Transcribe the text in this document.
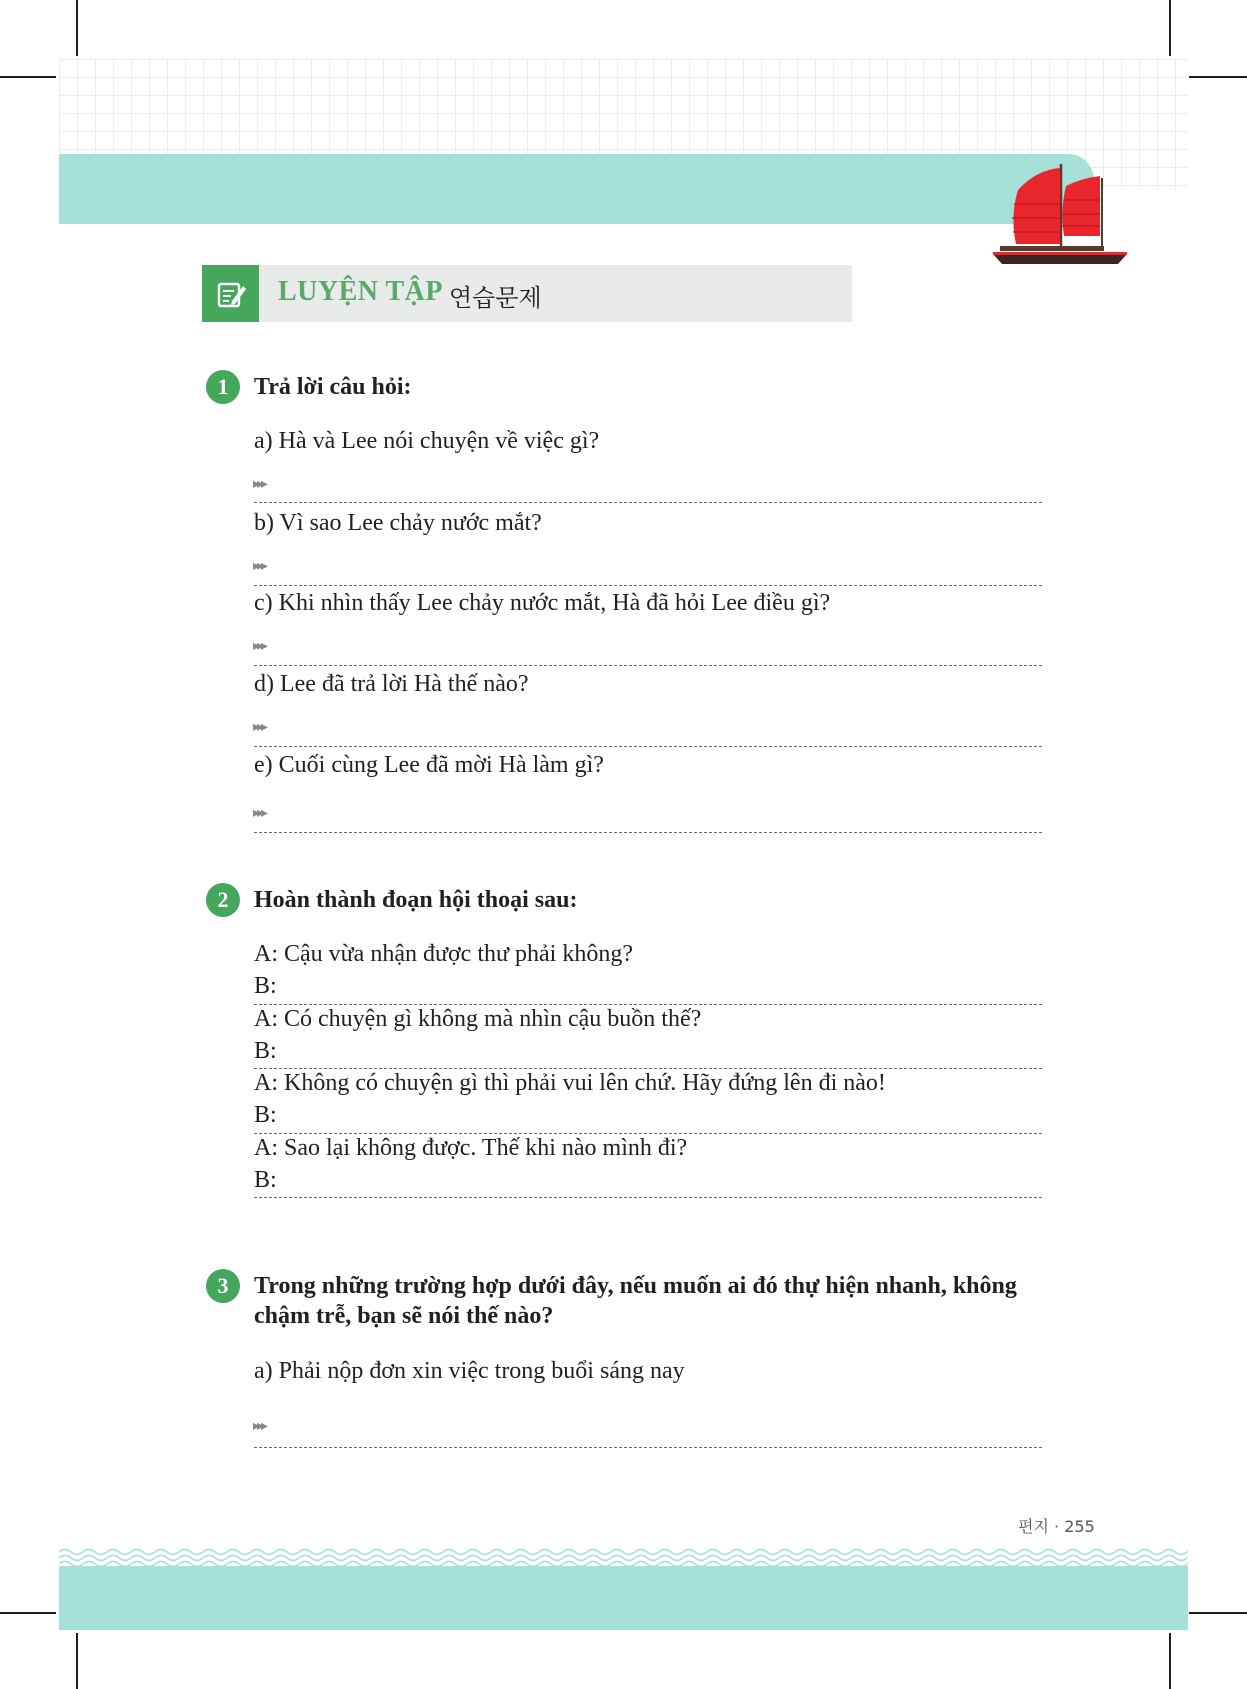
LUYỆN TẬP 연습문제
1	Trả lời câu hỏi:
a) Hà và Lee nói chuyện về việc gì?
▸▸▸
b) Vì sao Lee chảy nước mắt?
▸▸▸
c) Khi nhìn thấy Lee chảy nước mắt, Hà đã hỏi Lee điều gì?
▸▸▸
d) Lee đã trả lời Hà thế nào?
▸▸▸
e) Cuối cùng Lee đã mời Hà làm gì?
▸▸▸
2	Hoàn thành đoạn hội thoại sau:
A: Cậu vừa nhận được thư phải không?
B:
A: Có chuyện gì không mà nhìn cậu buồn thế?
B:
A: Không có chuyện gì thì phải vui lên chứ. Hãy đứng lên đi nào!
B:
A: Sao lại không được. Thế khi nào mình đi?
B:
3	Trong những trường hợp dưới đây, nếu muốn ai đó thự hiện nhanh, không
chậm trễ, bạn sẽ nói thế nào?
a) Phải nộp đơn xin việc trong buổi sáng nay
▸▸▸
편지 · 255
